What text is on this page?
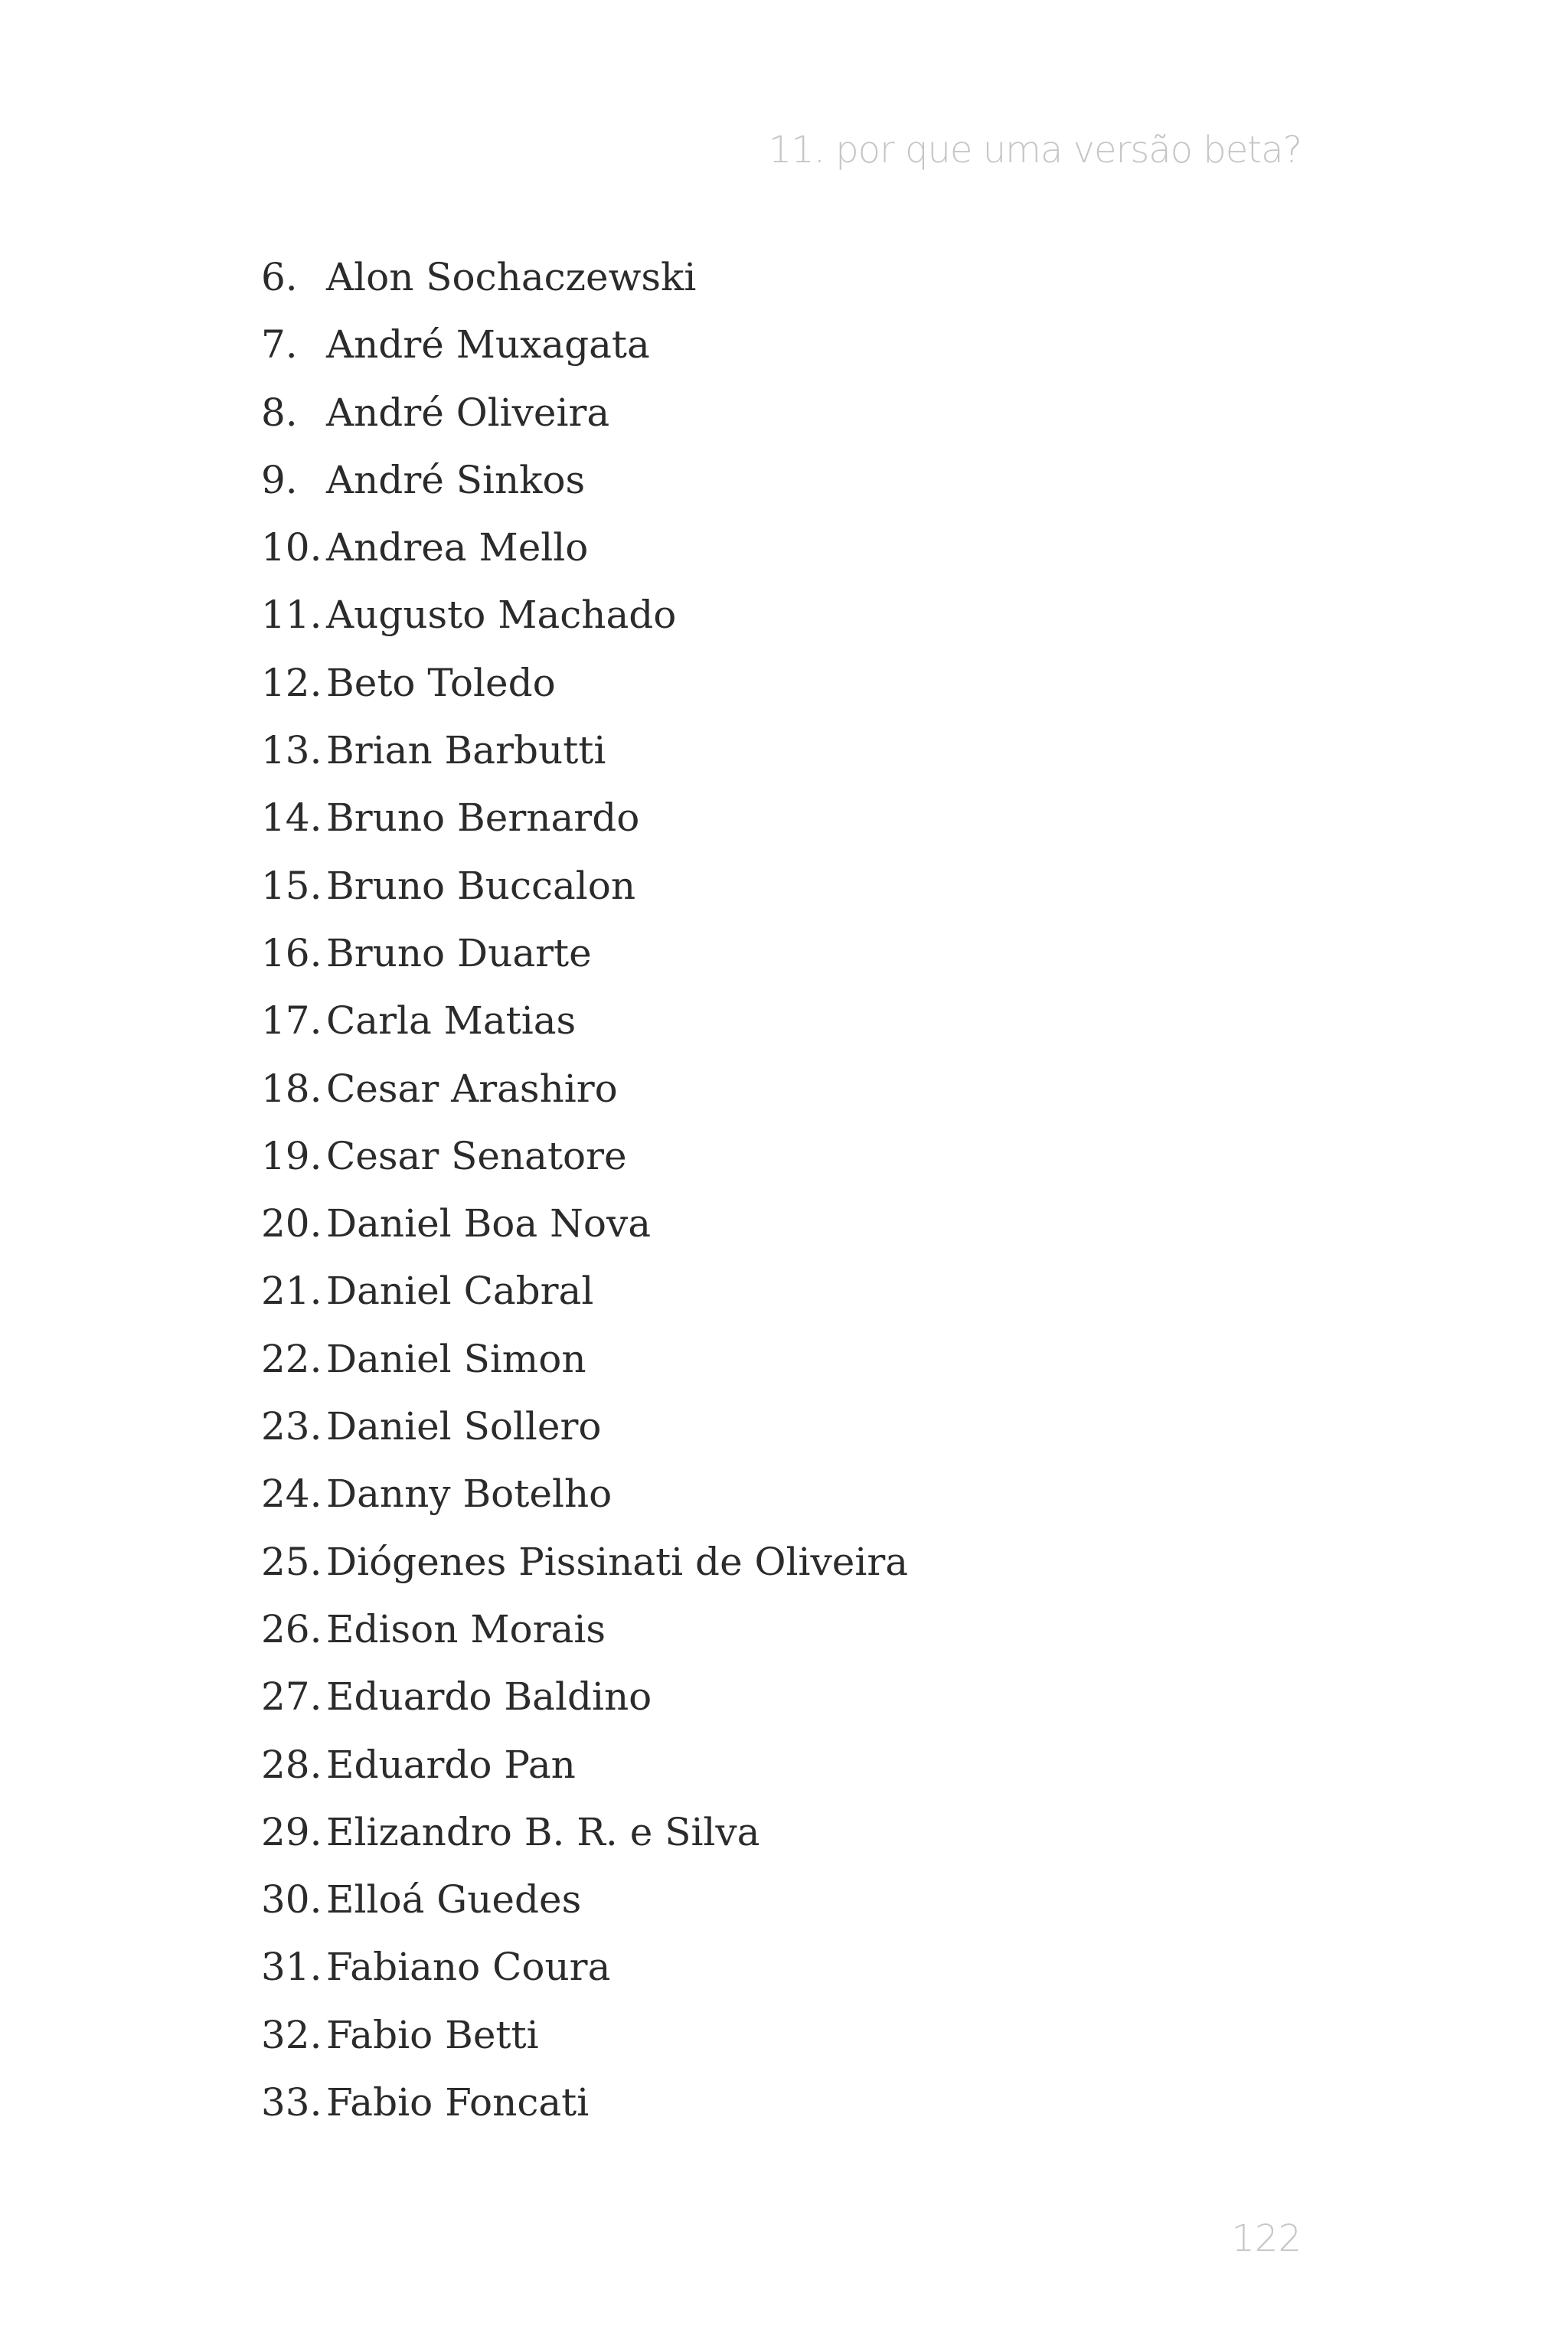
11. por que uma versão beta?
6. Alon Sochaczewski
7. André Muxagata
8. André Oliveira
9. André Sinkos
10. Andrea Mello
11. Augusto Machado
12. Beto Toledo
13. Brian Barbutti
14. Bruno Bernardo
15. Bruno Buccalon
16. Bruno Duarte
17. Carla Matias
18. Cesar Arashiro
19. Cesar Senatore
20. Daniel Boa Nova
21. Daniel Cabral
22. Daniel Simon
23. Daniel Sollero
24. Danny Botelho
25. Diógenes Pissinati de Oliveira
26. Edison Morais
27. Eduardo Baldino
28. Eduardo Pan
29. Elizandro B. R. e Silva
30. Elloá Guedes
31. Fabiano Coura
32. Fabio Betti
33. Fabio Foncati
122
